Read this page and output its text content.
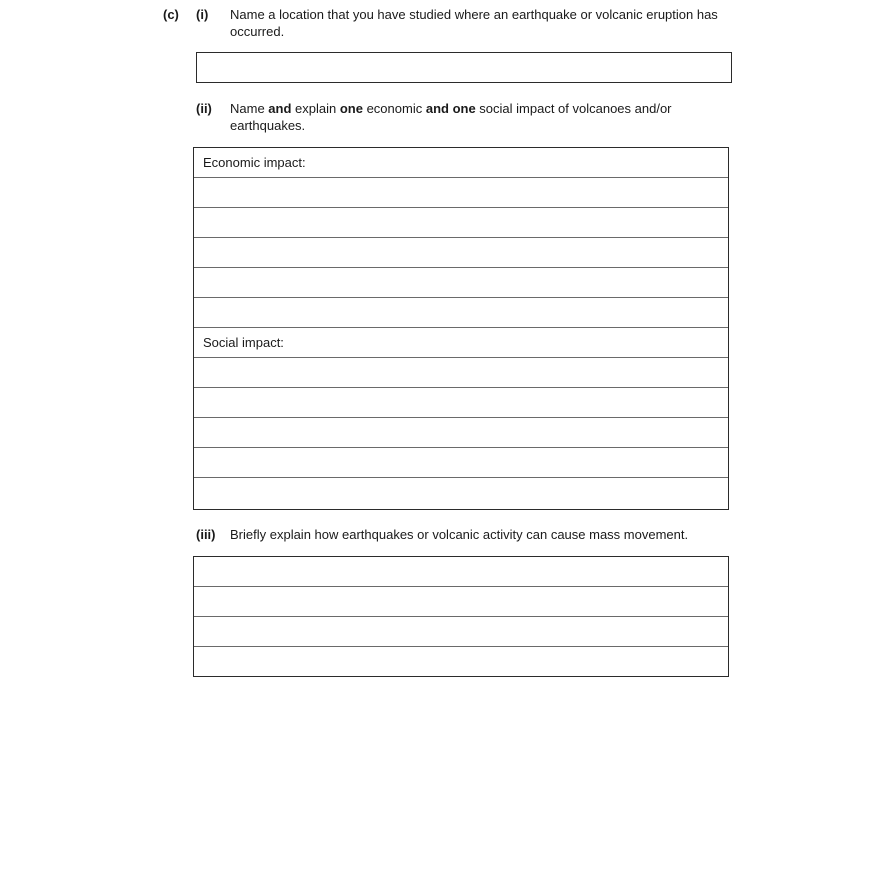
(c) (i) Name a location that you have studied where an earthquake or volcanic eruption has occurred.
(ii) Name and explain one economic and one social impact of volcanoes and/or earthquakes.
Economic impact:
Social impact:
(iii) Briefly explain how earthquakes or volcanic activity can cause mass movement.
